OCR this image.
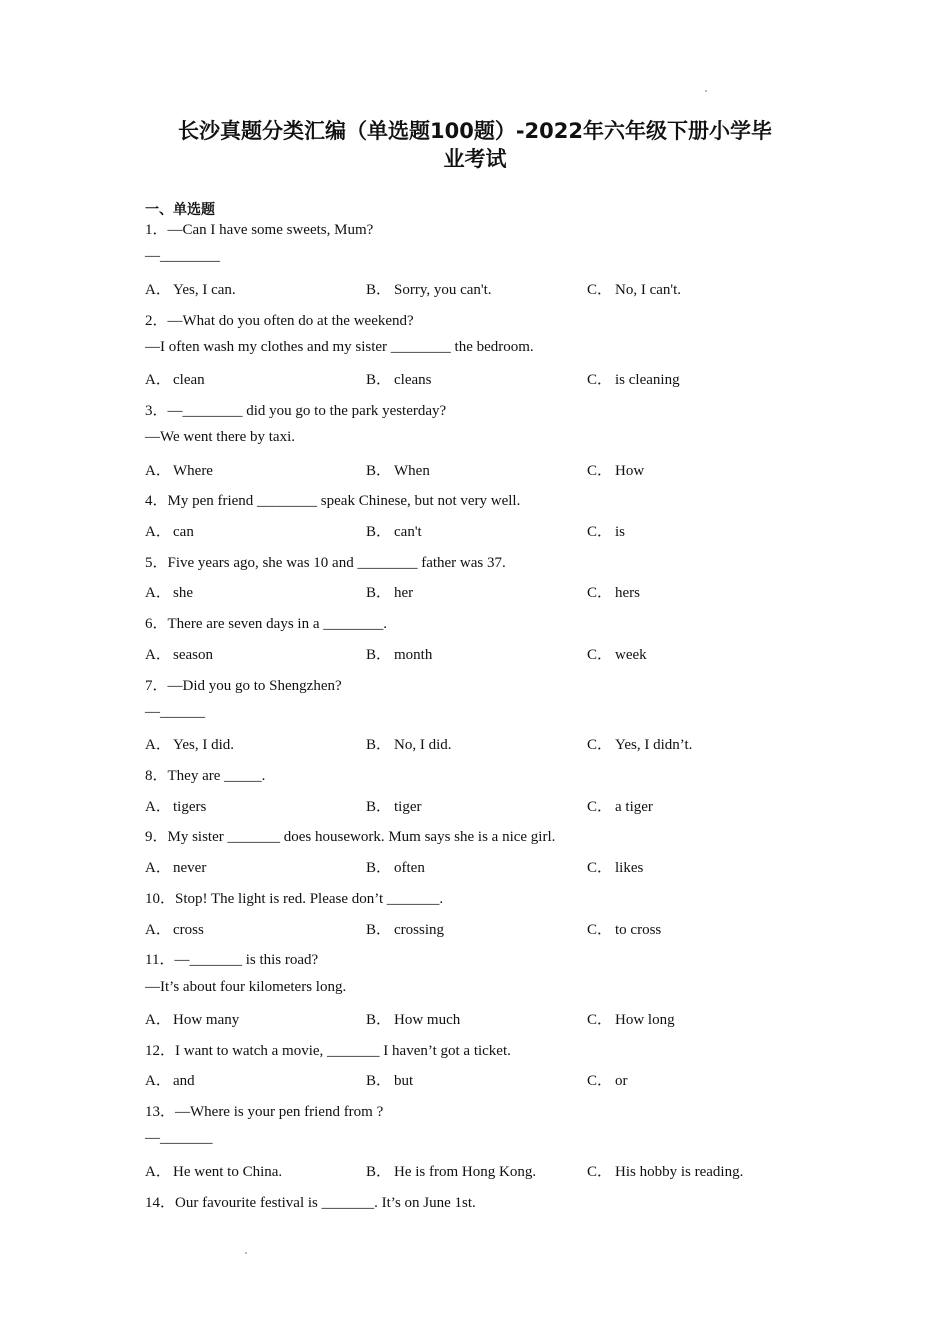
长沙真题分类汇编（单选题100题）-2022年六年级下册小学毕
业考试
一、单选题
1．—Can I have some sweets, Mum?
—________
A． Yes, I can.	B． Sorry, you can't.	C． No, I can't.
2．—What do you often do at the weekend?
—I often wash my clothes and my sister ________ the bedroom.
A． clean	B． cleans	C． is cleaning
3．—________ did you go to the park yesterday?
—We went there by taxi.
A． Where	B． When	C． How
4．My pen friend ________ speak Chinese, but not very well.
A． can	B． can't	C． is
5．Five years ago, she was 10 and ________ father was 37.
A． she	B． her	C． hers
6．There are seven days in a ________.
A． season	B． month	C． week
7．—Did you go to Shengzhen?
—______
A． Yes, I did.	B． No, I did.	C． Yes, I didn’t.
8．They are _____.
A． tigers	B． tiger	C． a tiger
9．My sister _______ does housework. Mum says she is a nice girl.
A． never	B． often	C． likes
10．Stop! The light is red. Please don’t _______.
A． cross	B． crossing	C． to cross
11．—_______ is this road?
—It’s about four kilometers long.
A． How many	B． How much	C． How long
12．I want to watch a movie, _______ I haven’t got a ticket.
A． and	B． but	C． or
13．—Where is your pen friend from ?
—_______
A． He went to China.	B． He is from Hong Kong.	C． His hobby is reading.
14．Our favourite festival is _______. It’s on June 1st.
